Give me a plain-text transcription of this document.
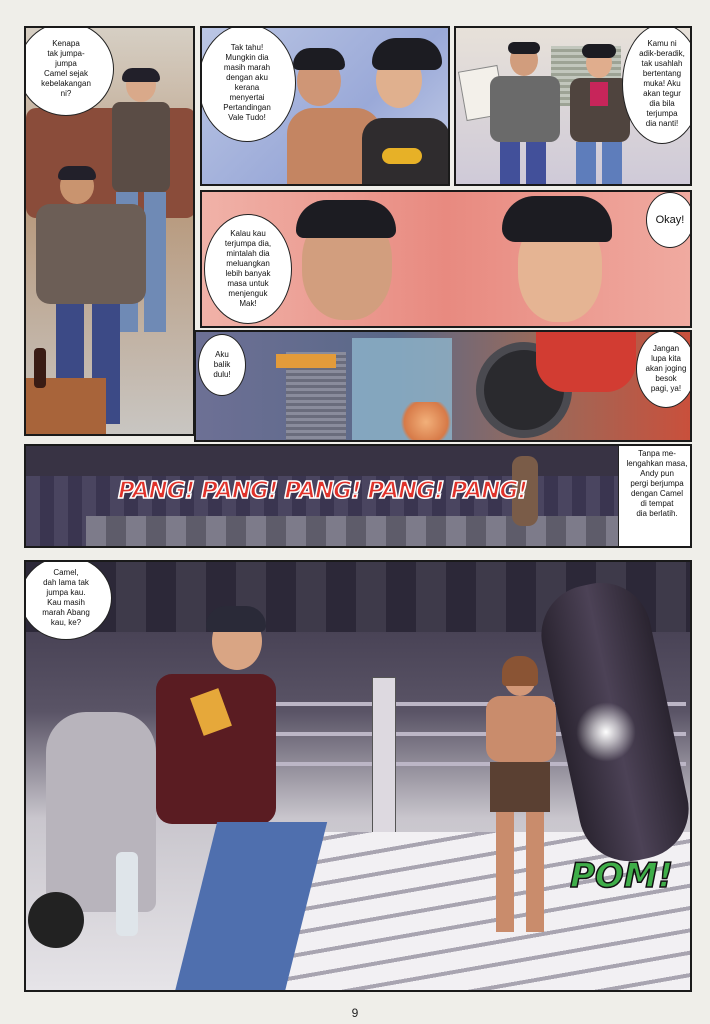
Kenapa
tak jumpa-
jumpa
Camel sejak
kebelakangan
ni?
Tak tahu!
Mungkin dia
masih marah
dengan aku
kerana
menyertai
Pertandingan
Vale Tudo!
Kamu ni
adik-beradik,
tak usahlah
bertentang
muka! Aku
akan tegur
dia bila
terjumpa
dia nanti!
Kalau kau
terjumpa dia,
mintalah dia
meluangkan
lebih banyak
masa untuk
menjenguk
Mak!
Okay!
Aku
balik
dulu!
Jangan
lupa kita
akan joging
besok
pagi, ya!
PANG! PANG! PANG! PANG! PANG!
Tanpa me-
lengahkan masa,
Andy pun
pergi berjumpa
dengan Camel
di tempat
dia berlatih.
Camel,
dah lama tak
jumpa kau.
Kau masih
marah Abang
kau, ke?
POM!
9
